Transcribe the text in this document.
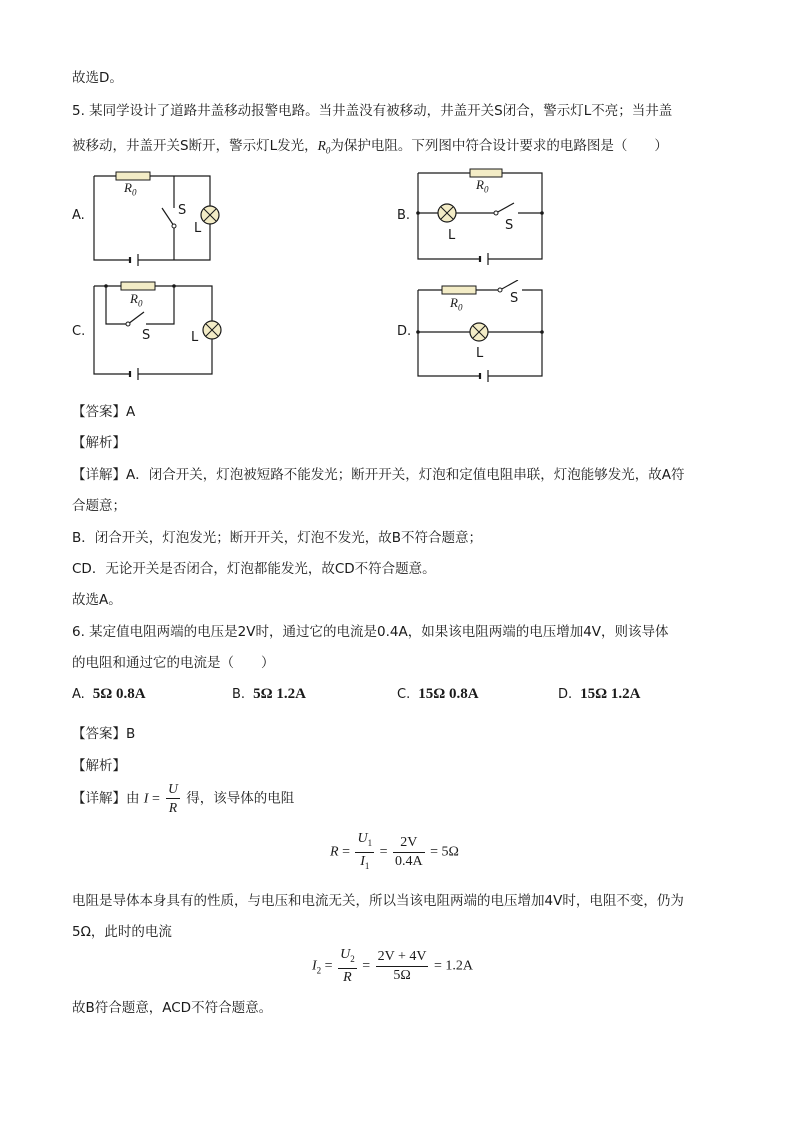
故选D。
5. 某同学设计了道路井盖移动报警电路。当井盖没有被移动，井盖开关S闭合，警示灯L不亮；当井盖
被移动，井盖开关S断开，警示灯L发光，$R_0$为保护电阻。下列图中符合设计要求的电路图是（　　）
A.
$R_0$
S
L
B.
$R_0$
S
L
C.
$R_0$
S	L	D.
$R_0$
S
L
【答案】A
【解析】
【详解】A．闭合开关，灯泡被短路不能发光；断开开关，灯泡和定值电阻串联，灯泡能够发光，故A符
合题意；
B．闭合开关，灯泡发光；断开开关，灯泡不发光，故B不符合题意；
CD．无论开关是否闭合，灯泡都能发光，故CD不符合题意。
故选A。
6. 某定值电阻两端的电压是2V时，通过它的电流是0.4A，如果该电阻两端的电压增加4V，则该导体
的电阻和通过它的电流是（　　）
A. 5Ω 0.8A	B. 5Ω 1.2A	C. 15Ω 0.8A	D. 15Ω 1.2A
【答案】B
【解析】
【详解】由 $I = \frac{U}{R}$ 得，该导体的电阻
$R = \frac{U_1}{I_1} = \frac{2V}{0.4A} = 5\Omega$
电阻是导体本身具有的性质，与电压和电流无关，所以当该电阻两端的电压增加4V时，电阻不变，仍为
5Ω，此时的电流
$I_2 = \frac{U_2}{R} = \frac{2V + 4V}{5\Omega} = 1.2A$
故B符合题意，ACD不符合题意。
